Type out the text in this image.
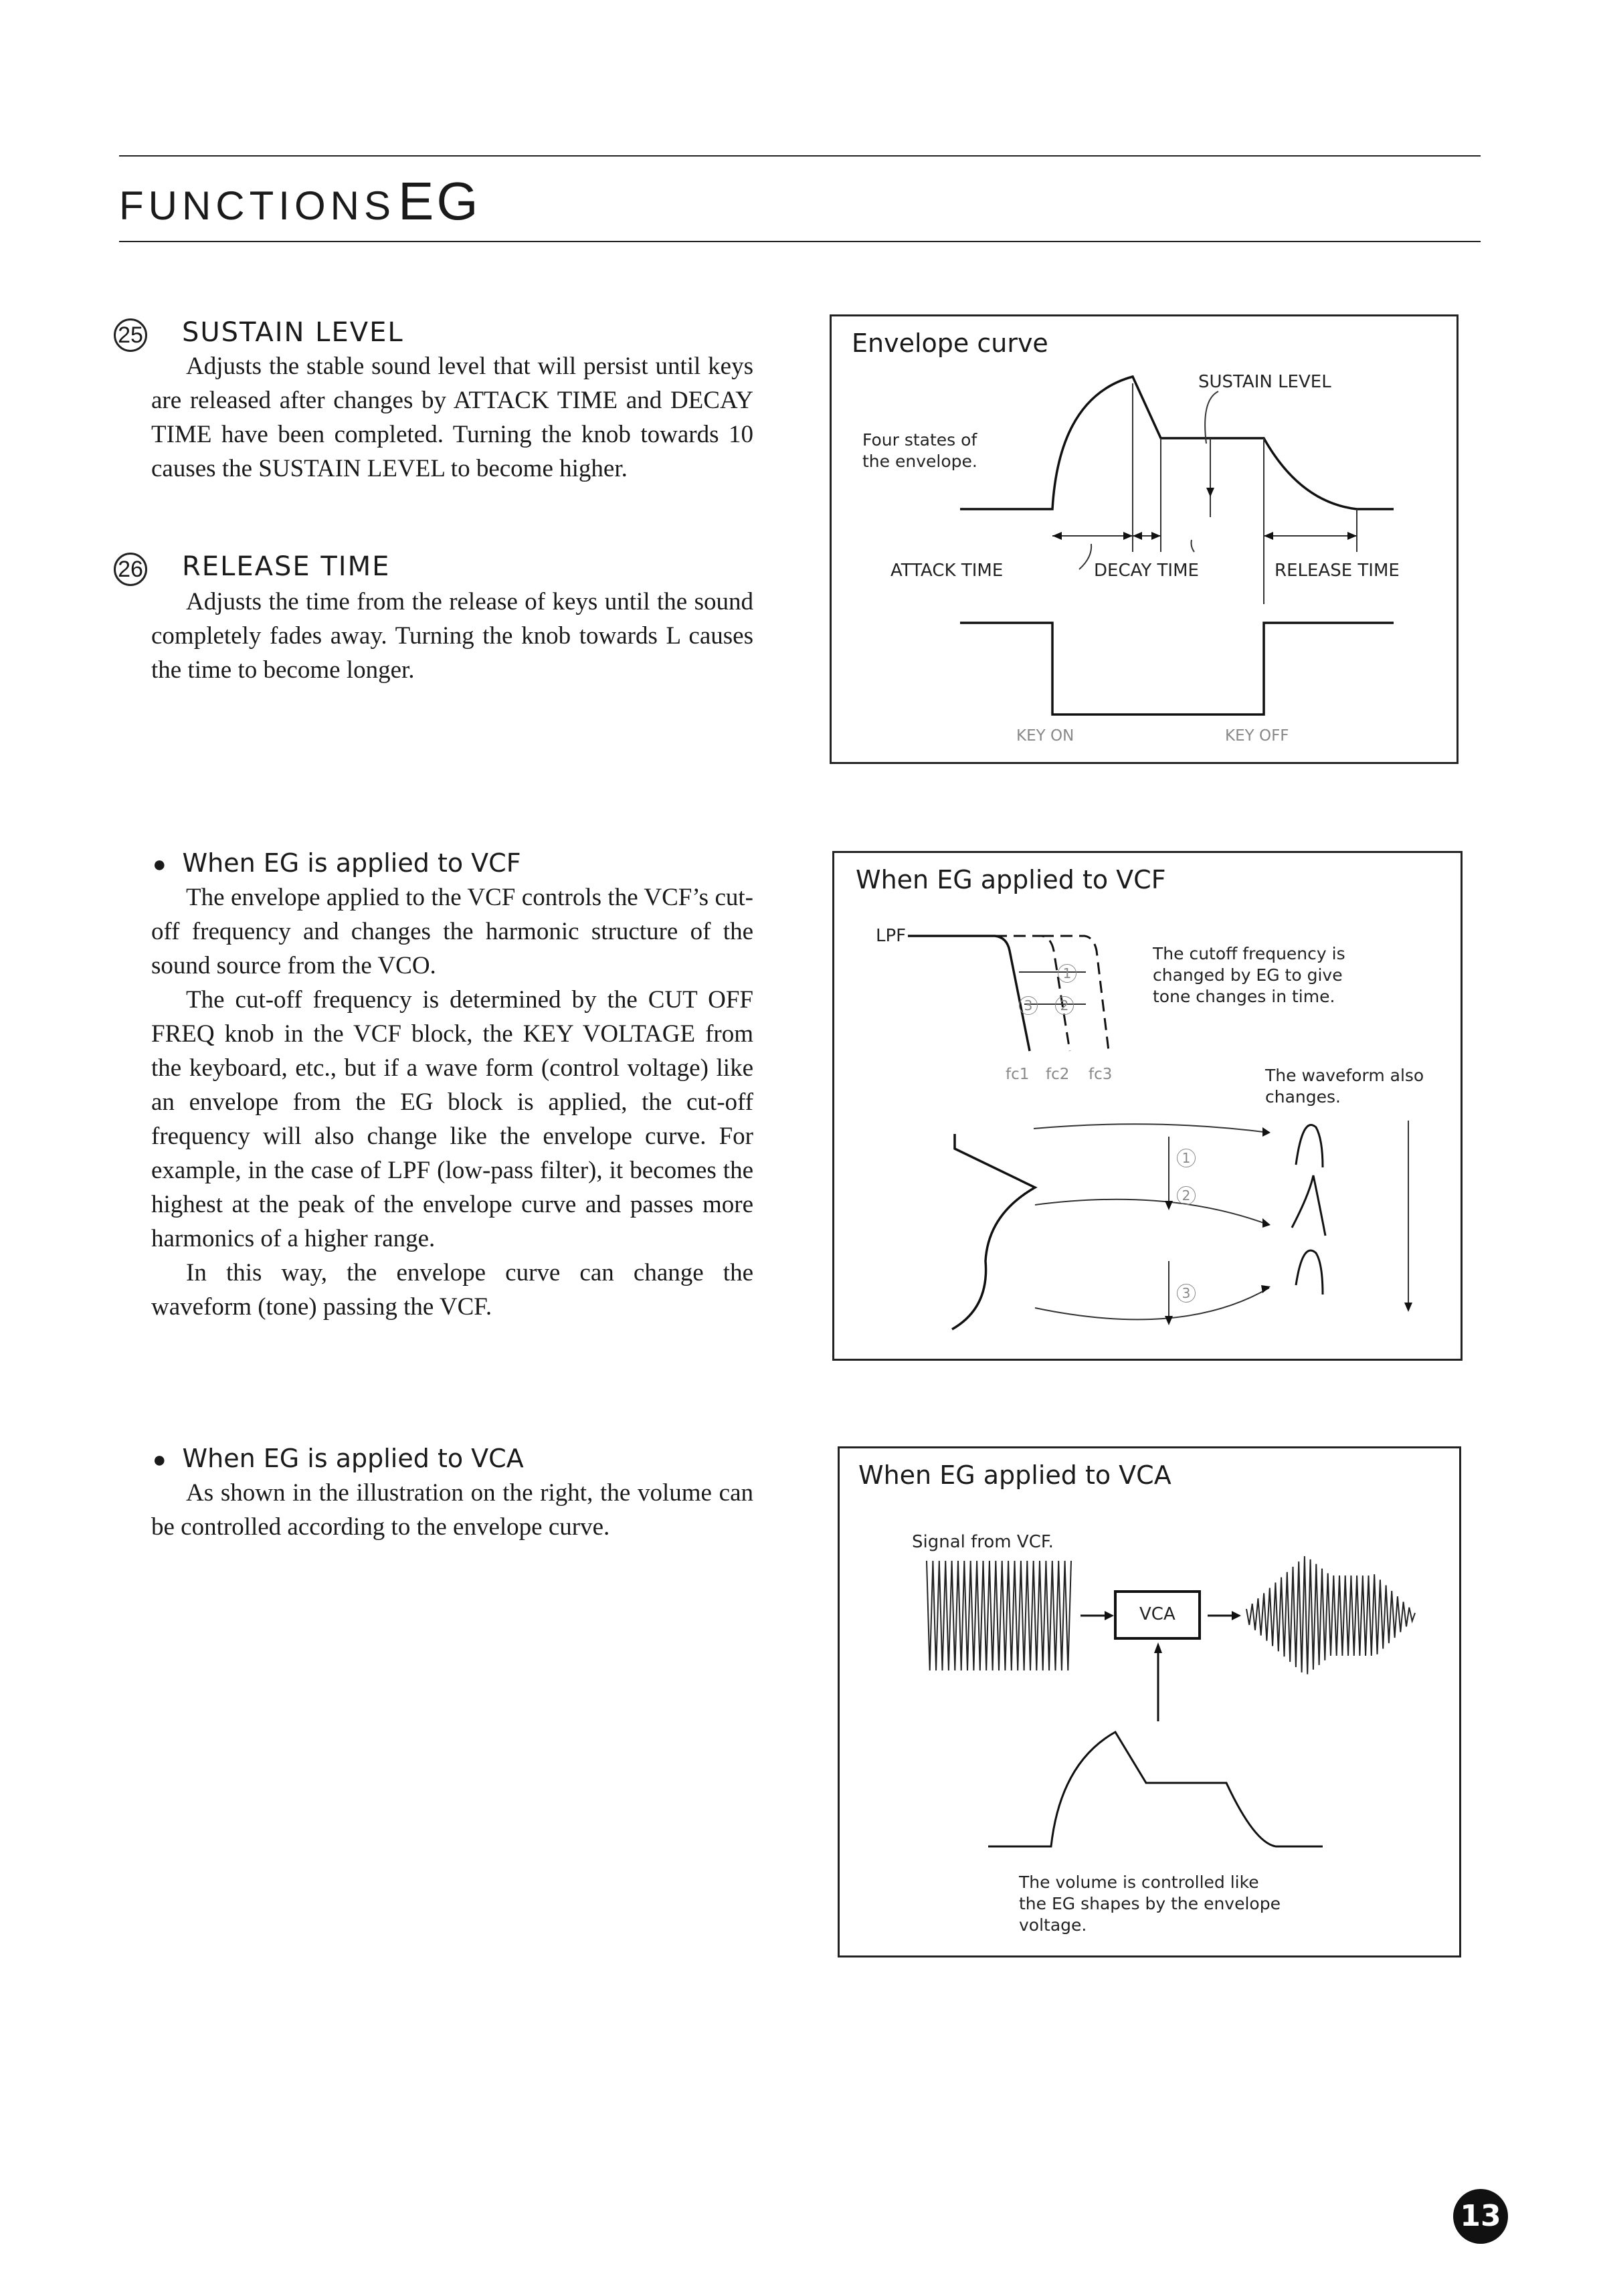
FUNCTIONS EG
25 SUSTAIN LEVEL

Adjusts the stable sound level that will persist until keys are released after changes by ATTACK TIME and DECAY TIME have been completed. Turning the knob towards 10 causes the SUSTAIN LEVEL to become higher.

26 RELEASE TIME

Adjusts the time from the release of keys until the sound completely fades away. Turning the knob towards L causes the time to become longer.

● When EG is applied to VCF

The envelope applied to the VCF controls the VCF’s cut-off frequency and changes the harmonic structure of the sound source from the VCO.

The cut-off frequency is determined by the CUT OFF FREQ knob in the VCF block, the KEY VOLTAGE from the keyboard, etc., but if a wave form (control voltage) like an envelope from the EG block is applied, the cut-off frequency will also change like the envelope curve. For example, in the case of LPF (low-pass filter), it becomes the highest at the peak of the envelope curve and passes more harmonics of a higher range.

In this way, the envelope curve can change the waveform (tone) passing the VCF.

● When EG is applied to VCA

As shown in the illustration on the right, the volume can be controlled according to the envelope curve.

Envelope curve
SUSTAIN LEVEL
Four states of
the envelope.
ATTACK TIME	DECAY TIME	RELEASE TIME
KEY ON	KEY OFF
When EG applied to VCF
LPF
The cutoff frequency is
changed by EG to give
tone changes in time.
The waveform also
changes.
fc1 fc2 fc3
1
2
3
1
2
3
When EG applied to VCA
Signal from VCF.
VCA
The volume is controlled like
the EG shapes by the envelope
voltage.
13
